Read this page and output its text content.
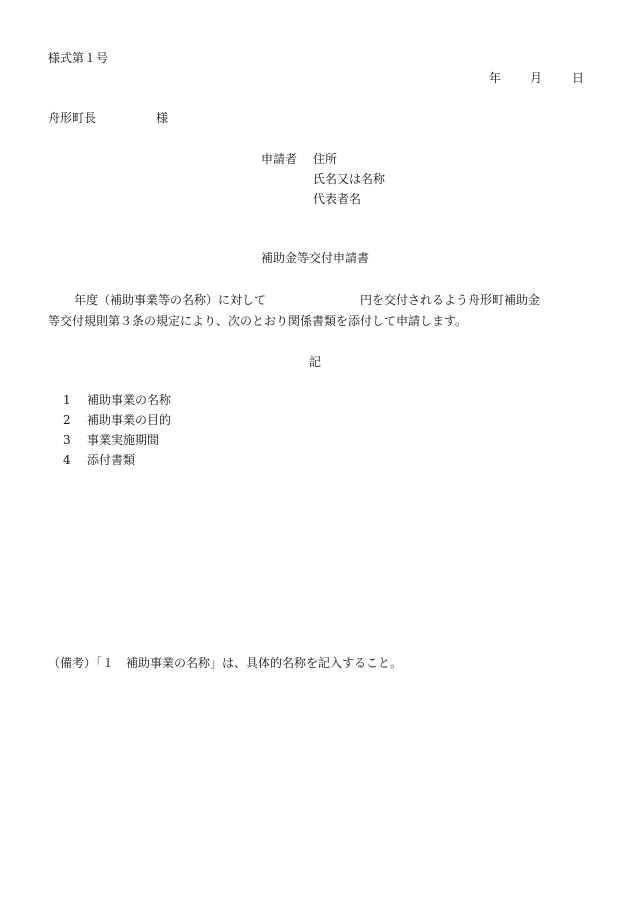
様式第１号
年 月 日
舟形町長	様
申請者 住所
氏名又は名称
代表者名
補助金等交付申請書
年度（補助事業等の名称）に対して	円を交付されるよう舟形町補助金
等交付規則第３条の規定により、次のとおり関係書類を添付して申請します。
記
1 補助事業の名称
2 補助事業の目的
3 事業実施期間
4 添付書類
（備考）「１　補助事業の名称」は、具体的名称を記入すること。
